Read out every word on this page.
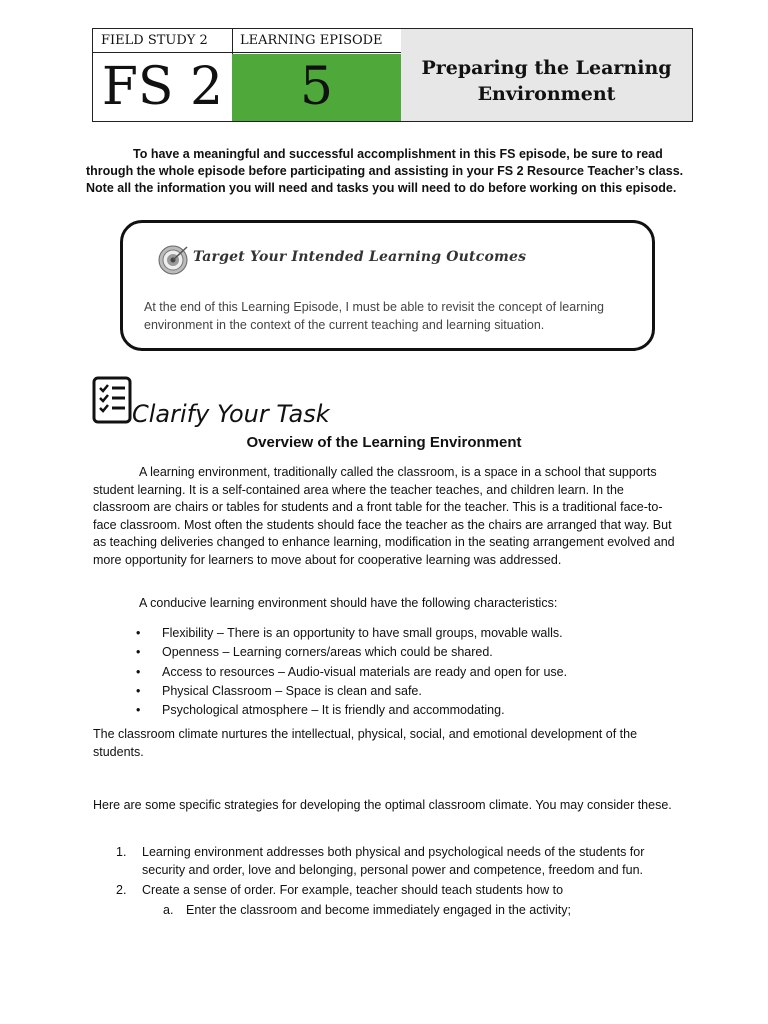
FIELD STUDY 2
FS 2
LEARNING EPISODE
5	Preparing the Learning Environment

To have a meaningful and successful accomplishment in this FS episode, be sure to read

through the whole episode before participating and assisting in your FS 2 Resource Teacher’s class.

Note all the information you will need and tasks you will need to do before working on this episode.

Target Your Intended Learning Outcomes
At the end of this Learning Episode, I must be able to revisit the concept of learning environment in the context of the current teaching and learning situation.
Clarify Your Task
Overview of the Learning Environment

A learning environment, traditionally called the classroom, is a space in a school that supports student learning. It is a self-contained area where the teacher teaches, and children learn. In the classroom are chairs or tables for students and a front table for the teacher. This is a traditional face-to-face classroom. Most often the students should face the teacher as the chairs are arranged that way. But as teaching deliveries changed to enhance learning, modification in the seating arrangement evolved and more opportunity for learners to move about for cooperative learning was addressed.

A conducive learning environment should have the following characteristics:

• Flexibility – There is an opportunity to have small groups, movable walls.
• Openness – Learning corners/areas which could be shared.
• Access to resources – Audio-visual materials are ready and open for use.
• Physical Classroom – Space is clean and safe.
• Psychological atmosphere – It is friendly and accommodating.

The classroom climate nurtures the intellectual, physical, social, and emotional development of the students.

Here are some specific strategies for developing the optimal classroom climate. You may consider these.

1. Learning environment addresses both physical and psychological needs of the students for security and order, love and belonging, personal power and competence, freedom and fun.
2. Create a sense of order. For example, teacher should teach students how to
a. Enter the classroom and become immediately engaged in the activity;
